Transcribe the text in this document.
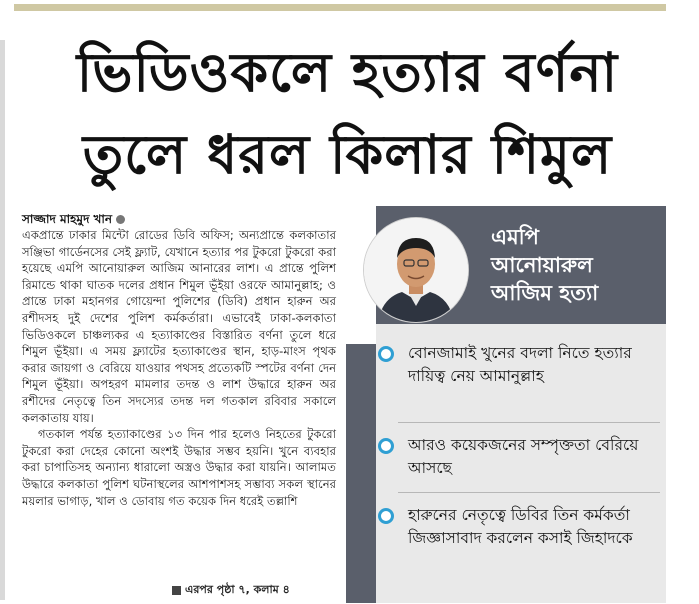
ভিডিওকলে হত্যার বর্ণনা
তুলে ধরল কিলার শিমুল
সাজ্জাদ মাহমুদ খান

একপ্রান্তে ঢাকার মিন্টো রোডের ডিবি অফিস; অন্যপ্রান্তে কলকাতার সঞ্জিভা গার্ডেনসের সেই ফ্ল্যাট, যেখানে হত্যার পর টুকরো টুকরো করা হয়েছে এমপি আনোয়ারুল আজিম আনারের লাশ। এ প্রান্তে পুলিশ রিমান্ডে থাকা ঘাতক দলের প্রধান শিমুল ভূঁইয়া ওরফে আমানুল্লাহ; ও প্রান্তে ঢাকা মহানগর গোয়েন্দা পুলিশের (ডিবি) প্রধান হারুন অর রশীদসহ দুই দেশের পুলিশ কর্মকর্তারা। এভাবেই ঢাকা-কলকাতা ভিডিওকলে চাঞ্চল্যকর এ হত্যাকাণ্ডের বিস্তারিত বর্ণনা তুলে ধরে শিমুল ভূঁইয়া। এ সময় ফ্ল্যাটের হত্যাকাণ্ডের স্থান, হাড়-মাংস পৃথক করার জায়গা ও বেরিয়ে যাওয়ার পথসহ প্রত্যেকটি স্পটের বর্ণনা দেন শিমুল ভূঁইয়া। অপহরণ মামলার তদন্ত ও লাশ উদ্ধারে হারুন অর রশীদের নেতৃত্বে তিন সদস্যের তদন্ত দল গতকাল রবিবার সকালে কলকাতায় যায়।

গতকাল পর্যন্ত হত্যাকাণ্ডের ১৩ দিন পার হলেও নিহতের টুকরো টুকরো করা দেহের কোনো অংশই উদ্ধার সম্ভব হয়নি। খুনে ব্যবহার করা চাপাতিসহ অন্যান্য ধারালো অস্ত্রও উদ্ধার করা যায়নি। আলামত উদ্ধারে কলকাতা পুলিশ ঘটনাস্থলের আশপাশসহ সম্ভাব্য সকল স্থানের ময়লার ভাগাড়, খাল ও ডোবায় গত কয়েক দিন ধরেই তল্লাশি

এরপর পৃষ্ঠা ৭, কলাম ৪
এমপি আনোয়ারুল আজিম হত্যা
বোনজামাই খুনের বদলা নিতে হত্যার দায়িত্ব নেয় আমানুল্লাহ
আরও কয়েকজনের সম্পৃক্ততা বেরিয়ে আসছে
হারুনের নেতৃত্বে ডিবির তিন কর্মকর্তা জিজ্ঞাসাবাদ করলেন কসাই জিহাদকে
